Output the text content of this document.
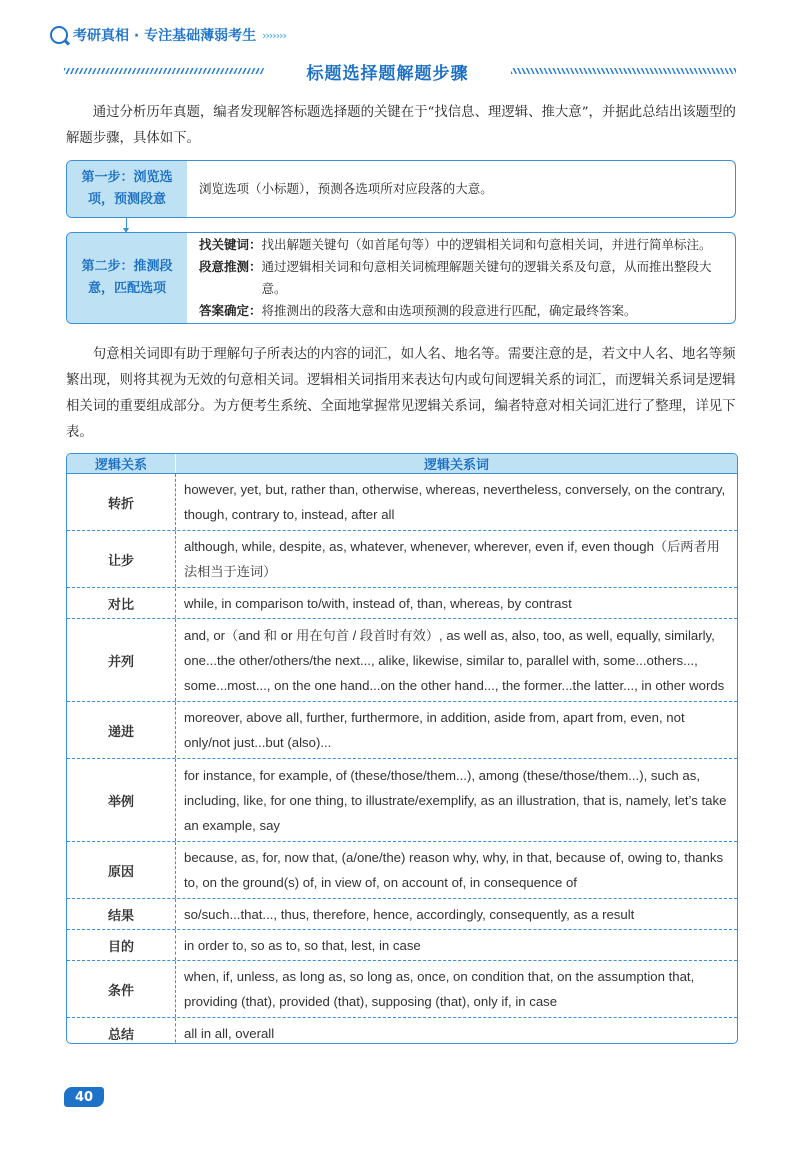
考研真相 · 专注基础薄弱考生 ›››››››
标题选择题解题步骤
通过分析历年真题，编者发现解答标题选择题的关键在于“找信息、理逻辑、推大意”，并据此总结出该题型的解题步骤，具体如下。
第一步：浏览选项，预测段意
浏览选项（小标题），预测各选项所对应段落的大意。
第二步：推测段意，匹配选项
找关键词： 找出解题关键句（如首尾句等）中的逻辑相关词和句意相关词，并进行简单标注。
段意推测： 通过逻辑相关词和句意相关词梳理解题关键句的逻辑关系及句意，从而推出整段大意。
答案确定： 将推测出的段落大意和由选项预测的段意进行匹配，确定最终答案。
句意相关词即有助于理解句子所表达的内容的词汇，如人名、地名等。需要注意的是，若文中人名、地名等频繁出现，则将其视为无效的句意相关词。逻辑相关词指用来表达句内或句间逻辑关系的词汇，而逻辑关系词是逻辑相关词的重要组成部分。为方便考生系统、全面地掌握常见逻辑关系词，编者特意对相关词汇进行了整理，详见下表。
逻辑关系	逻辑关系词
转折
however, yet, but, rather than, otherwise, whereas, nevertheless, conversely, on the contrary, though, contrary to, instead, after all
让步
although, while, despite, as, whatever, whenever, wherever, even if, even though（后两者用法相当于连词）
对比	while, in comparison to/with, instead of, than, whereas, by contrast
并列
and, or（and 和 or 用在句首 / 段首时有效）, as well as, also, too, as well, equally, similarly, one...the other/others/the next..., alike, likewise, similar to, parallel with, some...others..., some...most..., on the one hand...on the other hand..., the former...the latter..., in other words
递进
moreover, above all, further, furthermore, in addition, aside from, apart from, even, not only/not just...but (also)...
举例
for instance, for example, of (these/those/them...), among (these/those/them...), such as, including, like, for one thing, to illustrate/exemplify, as an illustration, that is, namely, let’s take an example, say
原因
because, as, for, now that, (a/one/the) reason why, why, in that, because of, owing to, thanks to, on the ground(s) of, in view of, on account of, in consequence of
结果	so/such...that..., thus, therefore, hence, accordingly, consequently, as a result
目的	in order to, so as to, so that, lest, in case
条件
when, if, unless, as long as, so long as, once, on condition that, on the assumption that, providing (that), provided (that), supposing (that), only if, in case
总结	all in all, overall
40
